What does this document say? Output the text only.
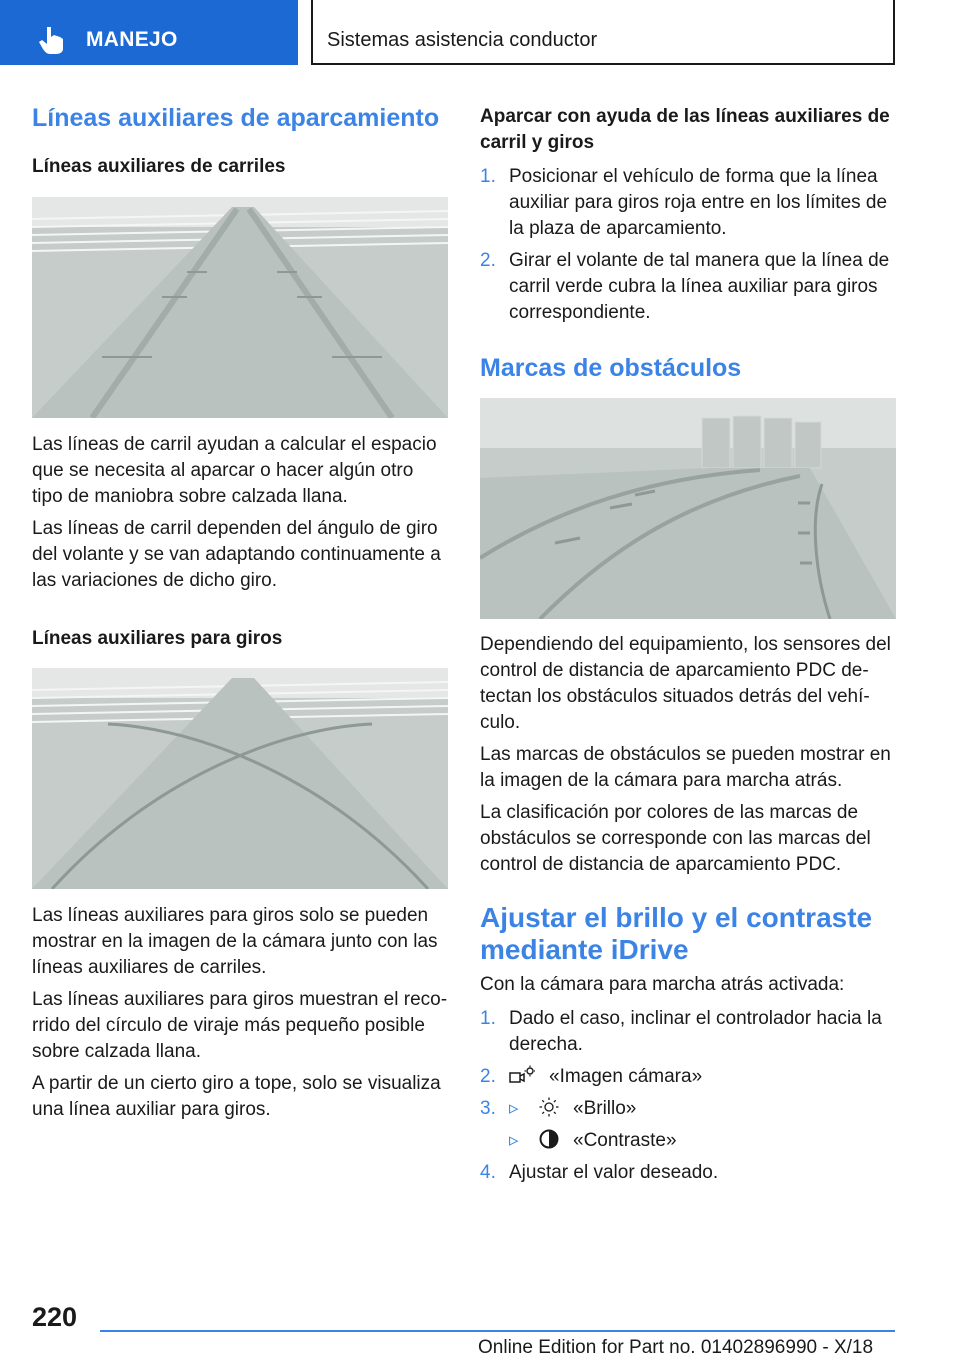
MANEJO	Sistemas asistencia conductor
Líneas auxiliares de aparcamiento
Líneas auxiliares de carriles

Las líneas de carril ayudan a calcular el espacio que se necesita al aparcar o hacer algún otro tipo de maniobra sobre calzada llana.

Las líneas de carril dependen del ángulo de giro del volante y se van adaptando continuamente a las variaciones de dicho giro.

Líneas auxiliares para giros

Las líneas auxiliares para giros solo se pueden mostrar en la imagen de la cámara junto con las líneas auxiliares de carriles.

Las líneas auxiliares para giros muestran el recorrido del círculo de viraje más pequeño posible sobre calzada llana.

A partir de un cierto giro a tope, solo se visualiza una línea auxiliar para giros.

Aparcar con ayuda de las líneas auxiliares de carril y giros
1. Posicionar el vehículo de forma que la línea auxiliar para giros roja entre en los límites de la plaza de aparcamiento.
2. Girar el volante de tal manera que la línea de carril verde cubra la línea auxiliar para giros correspondiente.
Marcas de obstáculos

Dependiendo del equipamiento, los sensores del control de distancia de aparcamiento PDC detectan los obstáculos situados detrás del vehículo.

Las marcas de obstáculos se pueden mostrar en la imagen de la cámara para marcha atrás.

La clasificación por colores de las marcas de obstáculos se corresponde con las marcas del control de distancia de aparcamiento PDC.

Ajustar el brillo y el contraste mediante iDrive

Con la cámara para marcha atrás activada:

1. Dado el caso, inclinar el controlador hacia la derecha.
2.	«Imagen cámara»
3. ▹	«Brillo»
▹	«Contraste»
4. Ajustar el valor deseado.
220
Online Edition for Part no. 01402896990 - X/18
